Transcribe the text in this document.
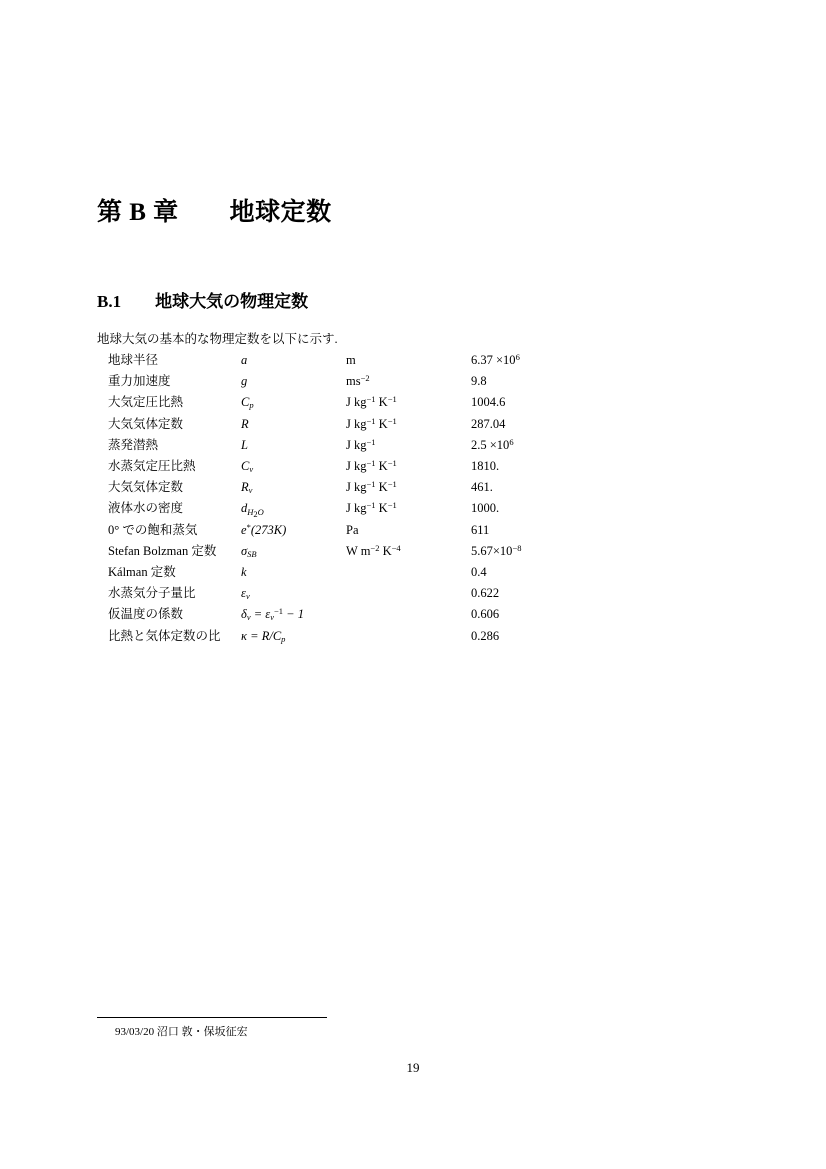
第 B 章　　地球定数
B.1　　地球大気の物理定数
地球大気の基本的な物理定数を以下に示す.
地球半径	a	m	$6.37 \times 10^6$
重力加速度	g	$ms^{-2}$	9.8
大気定圧比熱	$C_p$	J $kg^{-1}$ $K^{-1}$	1004.6
大気気体定数	R	J $kg^{-1}$ $K^{-1}$	287.04
蒸発潜熱	L	J $kg^{-1}$	$2.5 \times 10^6$
水蒸気定圧比熱	$C_v$	J $kg^{-1}$ $K^{-1}$	1810.
大気気体定数	$R_v$	J $kg^{-1}$ $K^{-1}$	461.
液体水の密度	$d_{H_2O}$	J $kg^{-1}$ $K^{-1}$	1000.
0° での飽和蒸気	e*(273K)	Pa	611
Stefan Bolzman 定数	$\sigma_{SB}$	W $m^{-2}$ $K^{-4}$	$5.67\times 10^{-8}$
Kálman 定数	k		0.4
水蒸気分子量比	$\varepsilon_v$		0.622
仮温度の係数	$\delta_v = \varepsilon_v^{-1} - 1$		0.606
比熱と気体定数の比	$\kappa = R/C_p$		0.286
93/03/20 沼口 敦・保坂征宏
19
